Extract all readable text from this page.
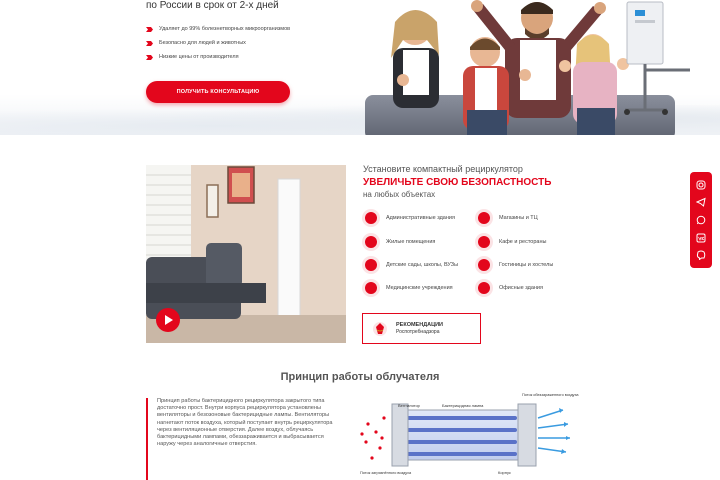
по России в срок от 2-х дней
Удаляет до 99% болезнетворных микроорганизмов
Безопасно для людей и животных
Низкие цены от производителя
ПОЛУЧИТЬ КОНСУЛЬТАЦИЮ
Установите компактный рециркулятор
УВЕЛИЧЬТЕ СВОЮ БЕЗОПАСТНОСТЬ
на любых объектах
Административные здания
Жилые помещения
Детские сады, школы, ВУЗы
Медицинские учреждения
Магазины и ТЦ
Кафе и рестораны
Гостиницы и хостелы
Офисные здания
РЕКОМЕНДАЦИИ
Роспотребнадзора
Принцип работы облучателя
Принцип работы бактерицидного рециркулятора закрытого типа достаточно прост. Внутри корпуса рециркулятора установлены вентиляторы и безозоновые бактерицидные лампы. Вентиляторы нагнетают поток воздуха, который поступает внутрь рециркулятора через вентиляционные отверстия. Далее воздух, облучаясь бактерицидными лампами, обеззараживается и выбрасывается наружу через аналогичные отверстия.
Вентилятор	Бактерицидная лампа
Поток обеззараженного воздуха
Поток загрязнённого воздуха	Корпус
